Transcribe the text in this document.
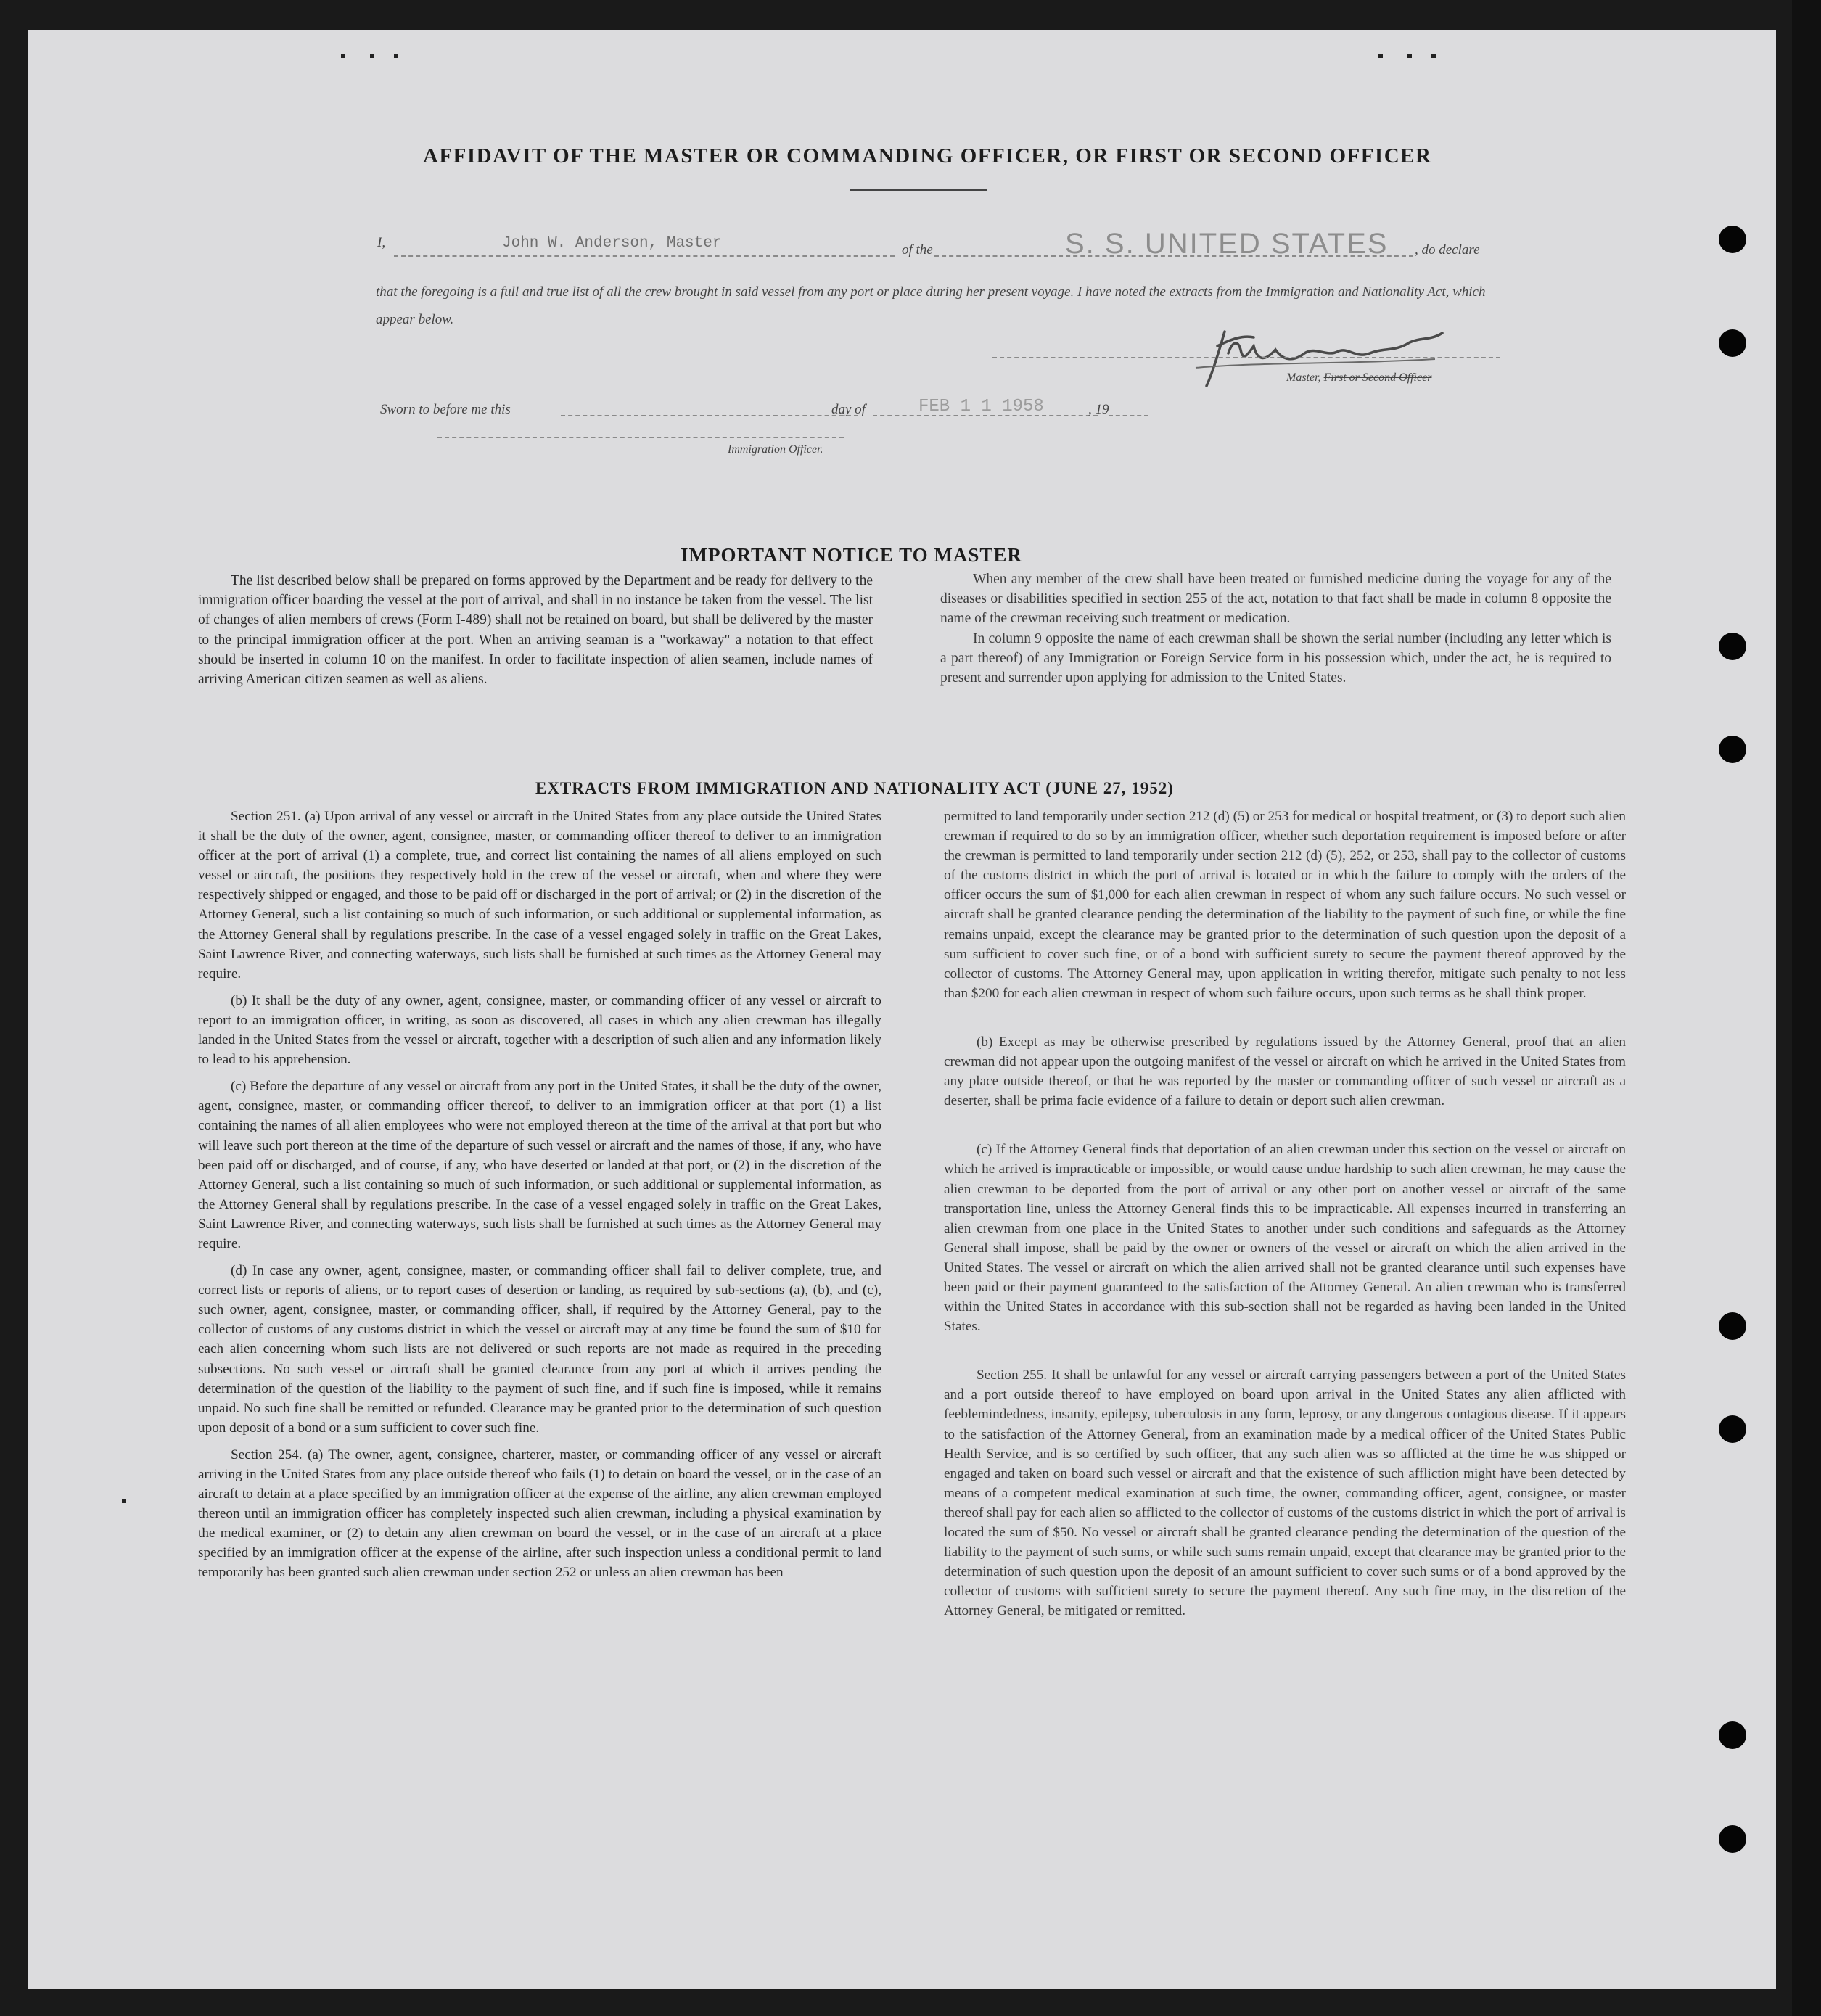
AFFIDAVIT OF THE MASTER OR COMMANDING OFFICER, OR FIRST OR SECOND OFFICER
I,	John W. Anderson, Master	of the	S. S. UNITED STATES , do declare
that the foregoing is a full and true list of all the crew brought in said vessel from any port or place during her present voyage. I have noted the extracts from the Immigration and Nationality Act, which appear below.
Master, First or Second Officer
Sworn to before me this	day of	FEB 1 1 1958	, 19
Immigration Officer.
IMPORTANT NOTICE TO MASTER

The list described below shall be prepared on forms approved by the Department and be ready for delivery to the immigration officer boarding the vessel at the port of arrival, and shall in no instance be taken from the vessel. The list of changes of alien members of crews (Form I-489) shall not be retained on board, but shall be delivered by the master to the principal immigration officer at the port. When an arriving seaman is a "workaway" a notation to that effect should be inserted in column 10 on the manifest. In order to facilitate inspection of alien seamen, include names of arriving American citizen seamen as well as aliens.

When any member of the crew shall have been treated or furnished medicine during the voyage for any of the diseases or disabilities specified in section 255 of the act, notation to that fact shall be made in column 8 opposite the name of the crewman receiving such treatment or medication.

In column 9 opposite the name of each crewman shall be shown the serial number (including any letter which is a part thereof) of any Immigration or Foreign Service form in his possession which, under the act, he is required to present and surrender upon applying for admission to the United States.

EXTRACTS FROM IMMIGRATION AND NATIONALITY ACT (JUNE 27, 1952)

Section 251. (a) Upon arrival of any vessel or aircraft in the United States from any place outside the United States it shall be the duty of the owner, agent, consignee, master, or commanding officer thereof to deliver to an immigration officer at the port of arrival (1) a complete, true, and correct list containing the names of all aliens employed on such vessel or aircraft, the positions they respectively hold in the crew of the vessel or aircraft, when and where they were respectively shipped or engaged, and those to be paid off or discharged in the port of arrival; or (2) in the discretion of the Attorney General, such a list containing so much of such information, or such additional or supplemental information, as the Attorney General shall by regulations prescribe. In the case of a vessel engaged solely in traffic on the Great Lakes, Saint Lawrence River, and connecting waterways, such lists shall be furnished at such times as the Attorney General may require.

(b) It shall be the duty of any owner, agent, consignee, master, or commanding officer of any vessel or aircraft to report to an immigration officer, in writing, as soon as discovered, all cases in which any alien crewman has illegally landed in the United States from the vessel or aircraft, together with a description of such alien and any information likely to lead to his apprehension.

(c) Before the departure of any vessel or aircraft from any port in the United States, it shall be the duty of the owner, agent, consignee, master, or commanding officer thereof, to deliver to an immigration officer at that port (1) a list containing the names of all alien employees who were not employed thereon at the time of the arrival at that port but who will leave such port thereon at the time of the departure of such vessel or aircraft and the names of those, if any, who have been paid off or discharged, and of course, if any, who have deserted or landed at that port, or (2) in the discretion of the Attorney General, such a list containing so much of such information, or such additional or supplemental information, as the Attorney General shall by regulations prescribe. In the case of a vessel engaged solely in traffic on the Great Lakes, Saint Lawrence River, and connecting waterways, such lists shall be furnished at such times as the Attorney General may require.

(d) In case any owner, agent, consignee, master, or commanding officer shall fail to deliver complete, true, and correct lists or reports of aliens, or to report cases of desertion or landing, as required by sub-sections (a), (b), and (c), such owner, agent, consignee, master, or commanding officer, shall, if required by the Attorney General, pay to the collector of customs of any customs district in which the vessel or aircraft may at any time be found the sum of $10 for each alien concerning whom such lists are not delivered or such reports are not made as required in the preceding subsections. No such vessel or aircraft shall be granted clearance from any port at which it arrives pending the determination of the question of the liability to the payment of such fine, and if such fine is imposed, while it remains unpaid. No such fine shall be remitted or refunded. Clearance may be granted prior to the determination of such question upon deposit of a bond or a sum sufficient to cover such fine.

Section 254. (a) The owner, agent, consignee, charterer, master, or commanding officer of any vessel or aircraft arriving in the United States from any place outside thereof who fails (1) to detain on board the vessel, or in the case of an aircraft to detain at a place specified by an immigration officer at the expense of the airline, any alien crewman employed thereon until an immigration officer has completely inspected such alien crewman, including a physical examination by the medical examiner, or (2) to detain any alien crewman on board the vessel, or in the case of an aircraft at a place specified by an immigration officer at the expense of the airline, after such inspection unless a conditional permit to land temporarily has been granted such alien crewman under section 252 or unless an alien crewman has been

permitted to land temporarily under section 212 (d) (5) or 253 for medical or hospital treatment, or (3) to deport such alien crewman if required to do so by an immigration officer, whether such deportation requirement is imposed before or after the crewman is permitted to land temporarily under section 212 (d) (5), 252, or 253, shall pay to the collector of customs of the customs district in which the port of arrival is located or in which the failure to comply with the orders of the officer occurs the sum of $1,000 for each alien crewman in respect of whom any such failure occurs. No such vessel or aircraft shall be granted clearance pending the determination of the liability to the payment of such fine, or while the fine remains unpaid, except the clearance may be granted prior to the determination of such question upon the deposit of a sum sufficient to cover such fine, or of a bond with sufficient surety to secure the payment thereof approved by the collector of customs. The Attorney General may, upon application in writing therefor, mitigate such penalty to not less than $200 for each alien crewman in respect of whom such failure occurs, upon such terms as he shall think proper.

(b) Except as may be otherwise prescribed by regulations issued by the Attorney General, proof that an alien crewman did not appear upon the outgoing manifest of the vessel or aircraft on which he arrived in the United States from any place outside thereof, or that he was reported by the master or commanding officer of such vessel or aircraft as a deserter, shall be prima facie evidence of a failure to detain or deport such alien crewman.

(c) If the Attorney General finds that deportation of an alien crewman under this section on the vessel or aircraft on which he arrived is impracticable or impossible, or would cause undue hardship to such alien crewman, he may cause the alien crewman to be deported from the port of arrival or any other port on another vessel or aircraft of the same transportation line, unless the Attorney General finds this to be impracticable. All expenses incurred in transferring an alien crewman from one place in the United States to another under such conditions and safeguards as the Attorney General shall impose, shall be paid by the owner or owners of the vessel or aircraft on which the alien arrived in the United States. The vessel or aircraft on which the alien arrived shall not be granted clearance until such expenses have been paid or their payment guaranteed to the satisfaction of the Attorney General. An alien crewman who is transferred within the United States in accordance with this sub-section shall not be regarded as having been landed in the United States.

Section 255. It shall be unlawful for any vessel or aircraft carrying passengers between a port of the United States and a port outside thereof to have employed on board upon arrival in the United States any alien afflicted with feeblemindedness, insanity, epilepsy, tuberculosis in any form, leprosy, or any dangerous contagious disease. If it appears to the satisfaction of the Attorney General, from an examination made by a medical officer of the United States Public Health Service, and is so certified by such officer, that any such alien was so afflicted at the time he was shipped or engaged and taken on board such vessel or aircraft and that the existence of such affliction might have been detected by means of a competent medical examination at such time, the owner, commanding officer, agent, consignee, or master thereof shall pay for each alien so afflicted to the collector of customs of the customs district in which the port of arrival is located the sum of $50. No vessel or aircraft shall be granted clearance pending the determination of the question of the liability to the payment of such sums, or while such sums remain unpaid, except that clearance may be granted prior to the determination of such question upon the deposit of an amount sufficient to cover such sums or of a bond approved by the collector of customs with sufficient surety to secure the payment thereof. Any such fine may, in the discretion of the Attorney General, be mitigated or remitted.
